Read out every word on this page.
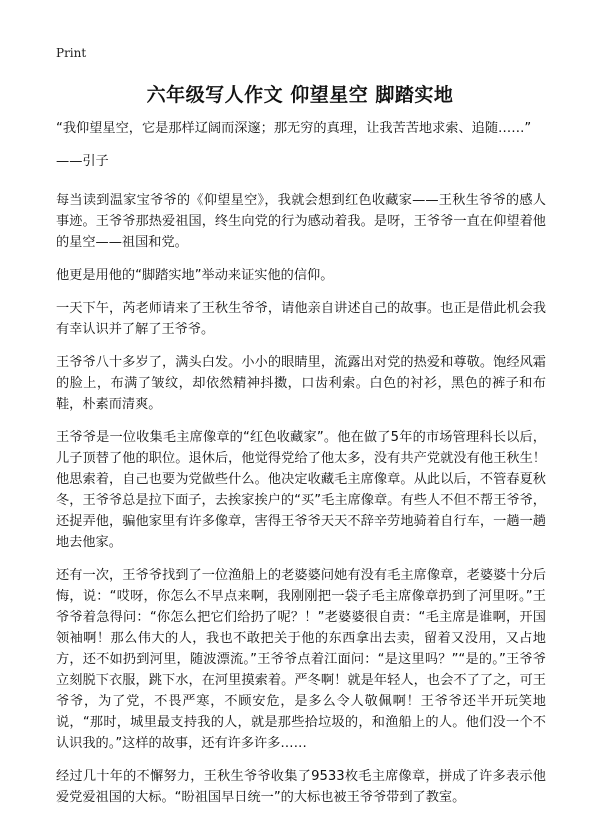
Print
六年级写人作文 仰望星空 脚踏实地

“我仰望星空，它是那样辽阔而深邃；那无穷的真理，让我苦苦地求索、追随……”

——引子

每当读到温家宝爷爷的《仰望星空》，我就会想到红色收藏家——王秋生爷爷的感人事迹。王爷爷那热爱祖国，终生向党的行为感动着我。是呀，王爷爷一直在仰望着他的星空——祖国和党。

他更是用他的“脚踏实地”举动来证实他的信仰。

一天下午，芮老师请来了王秋生爷爷，请他亲自讲述自己的故事。也正是借此机会我有幸认识并了解了王爷爷。

王爷爷八十多岁了，满头白发。小小的眼睛里，流露出对党的热爱和尊敬。饱经风霜的脸上，布满了皱纹，却依然精神抖擞，口齿利索。白色的衬衫，黑色的裤子和布鞋，朴素而清爽。

王爷爷是一位收集毛主席像章的“红色收藏家”。他在做了5年的市场管理科长以后，儿子顶替了他的职位。退休后，他觉得党给了他太多，没有共产党就没有他王秋生！他思索着，自己也要为党做些什么。他决定收藏毛主席像章。从此以后，不管春夏秋冬，王爷爷总是拉下面子，去挨家挨户的“买”毛主席像章。有些人不但不帮王爷爷，还捉弄他，骗他家里有许多像章，害得王爷爷天天不辞辛劳地骑着自行车，一趟一趟地去他家。

还有一次，王爷爷找到了一位渔船上的老婆婆问她有没有毛主席像章，老婆婆十分后悔，说：“哎呀，你怎么不早点来啊，我刚刚把一袋子毛主席像章扔到了河里呀。”王爷爷着急得问：“你怎么把它们给扔了呢？！”老婆婆很自责：“毛主席是谁啊，开国领袖啊！那么伟大的人，我也不敢把关于他的东西拿出去卖，留着又没用，又占地方，还不如扔到河里，随波漂流。”王爷爷点着江面问：“是这里吗？”“是的。”王爷爷立刻脱下衣服，跳下水，在河里摸索着。严冬啊！就是年轻人，也会不了了之，可王爷爷，为了党，不畏严寒，不顾安危，是多么令人敬佩啊！王爷爷还半开玩笑地说，“那时，城里最支持我的人，就是那些拾垃圾的，和渔船上的人。他们没一个不认识我的。”这样的故事，还有许多许多……

经过几十年的不懈努力，王秋生爷爷收集了9533枚毛主席像章，拼成了许多表示他爱党爱祖国的大标。“盼祖国早日统一”的大标也被王爷爷带到了教室。
